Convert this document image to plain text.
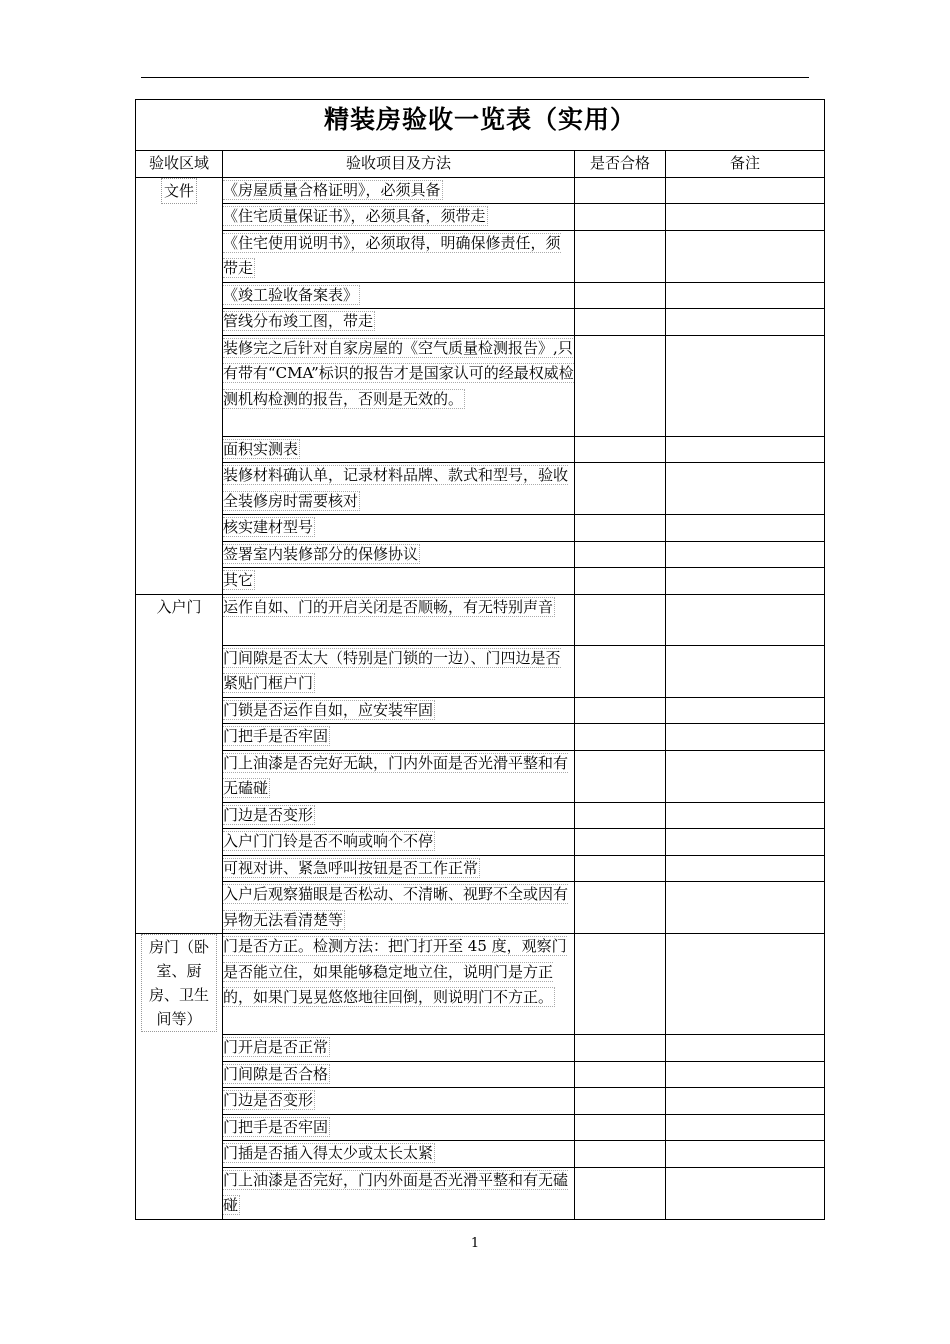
精装房验收一览表（实用）			
验收区域	验收项目及方法	是否合格	备注
文件	《房屋质量合格证明》，必须具备		
	《住宅质量保证书》，必须具备，须带走		
	《住宅使用说明书》，必须取得，明确保修责任，须带走		
	《竣工验收备案表》		
	管线分布竣工图，带走		
	装修完之后针对自家房屋的《空气质量检测报告》,只有带有“CMA”标识的报告才是国家认可的经最权威检测机构检测的报告，否则是无效的。		
	面积实测表		
	装修材料确认单，记录材料品牌、款式和型号，验收全装修房时需要核对		
	核实建材型号		
	签署室内装修部分的保修协议		
	其它		
入户门	运作自如、门的开启关闭是否顺畅，有无特别声音		
	门间隙是否太大（特别是门锁的一边）、门四边是否紧贴门框户门		
	门锁是否运作自如，应安装牢固		
	门把手是否牢固		
	门上油漆是否完好无缺，门内外面是否光滑平整和有无磕碰		
	门边是否变形		
	入户门门铃是否不响或响个不停		
	可视对讲、紧急呼叫按钮是否工作正常		
	入户后观察猫眼是否松动、不清晰、视野不全或因有异物无法看清楚等		
房门（卧室、厨房、卫生间等）	门是否方正。检测方法：把门打开至 45 度，观察门是否能立住，如果能够稳定地立住，说明门是方正的，如果门晃晃悠悠地往回倒，则说明门不方正。		
	门开启是否正常		
	门间隙是否合格		
	门边是否变形		
	门把手是否牢固		
	门插是否插入得太少或太长太紧		
	门上油漆是否完好，门内外面是否光滑平整和有无磕碰		
1
